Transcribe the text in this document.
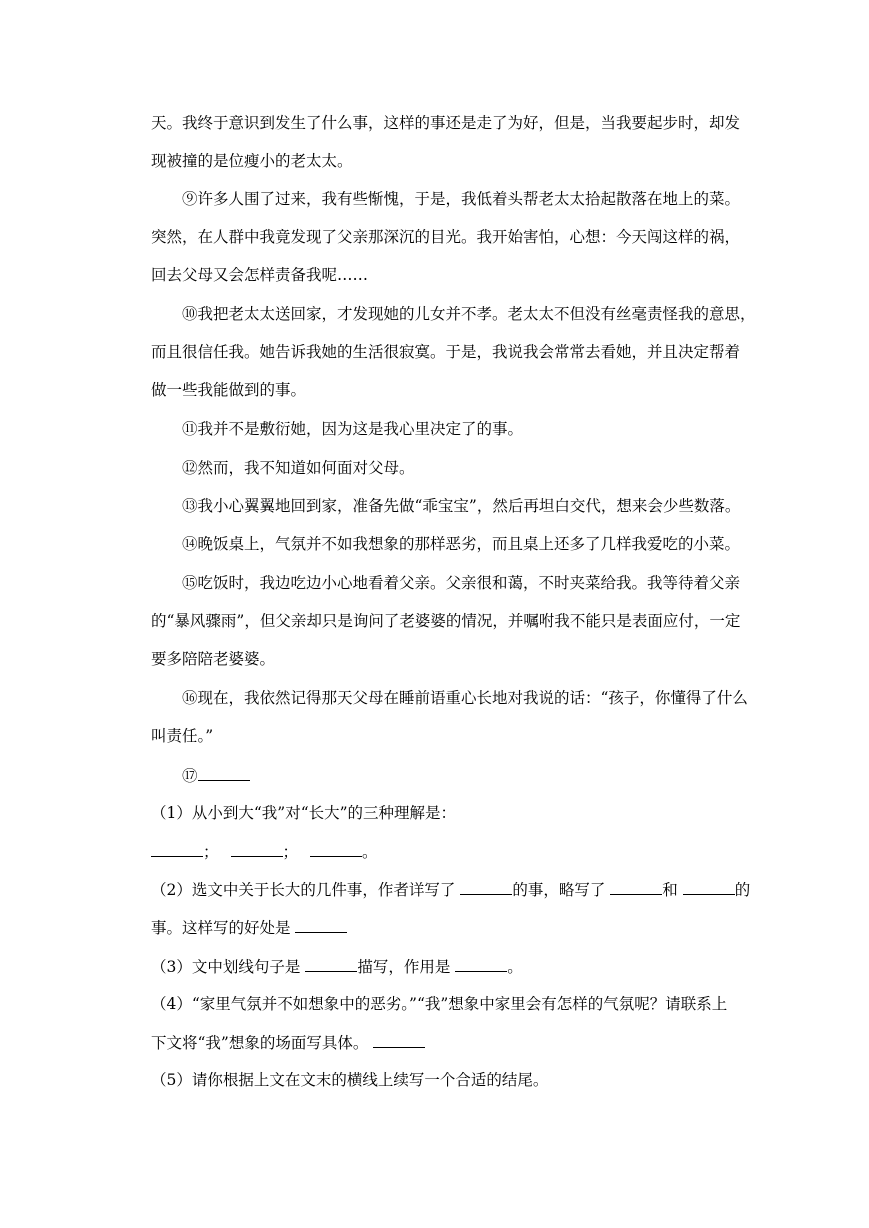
天。我终于意识到发生了什么事，这样的事还是走了为好，但是，当我要起步时，却发
现被撞的是位瘦小的老太太。
⑨许多人围了过来，我有些惭愧，于是，我低着头帮老太太拾起散落在地上的菜。
突然，在人群中我竟发现了父亲那深沉的目光。我开始害怕，心想：今天闯这样的祸，
回去父母又会怎样责备我呢……
⑩我把老太太送回家，才发现她的儿女并不孝。老太太不但没有丝毫责怪我的意思，
而且很信任我。她告诉我她的生活很寂寞。于是，我说我会常常去看她，并且决定帮着
做一些我能做到的事。
⑪我并不是敷衍她，因为这是我心里决定了的事。
⑫然而，我不知道如何面对父母。
⑬我小心翼翼地回到家，准备先做“乖宝宝”，然后再坦白交代，想来会少些数落。
⑭晚饭桌上，气氛并不如我想象的那样恶劣，而且桌上还多了几样我爱吃的小菜。
⑮吃饭时，我边吃边小心地看着父亲。父亲很和蔼，不时夹菜给我。我等待着父亲
的“暴风骤雨”，但父亲却只是询问了老婆婆的情况，并嘱咐我不能只是表面应付，一定
要多陪陪老婆婆。
⑯现在，我依然记得那天父母在睡前语重心长地对我说的话：“孩子，你懂得了什么
叫责任。”
⑰
（1）从小到大“我”对“长大”的三种理解是：
；	；	。
（2）选文中关于长大的几件事，作者详写了	的事，略写了	和	的
事。这样写的好处是
（3）文中划线句子是	描写，作用是	。
（4）“家里气氛并不如想象中的恶劣。”“我”想象中家里会有怎样的气氛呢？请联系上
下文将“我”想象的场面写具体。
（5）请你根据上文在文末的横线上续写一个合适的结尾。
